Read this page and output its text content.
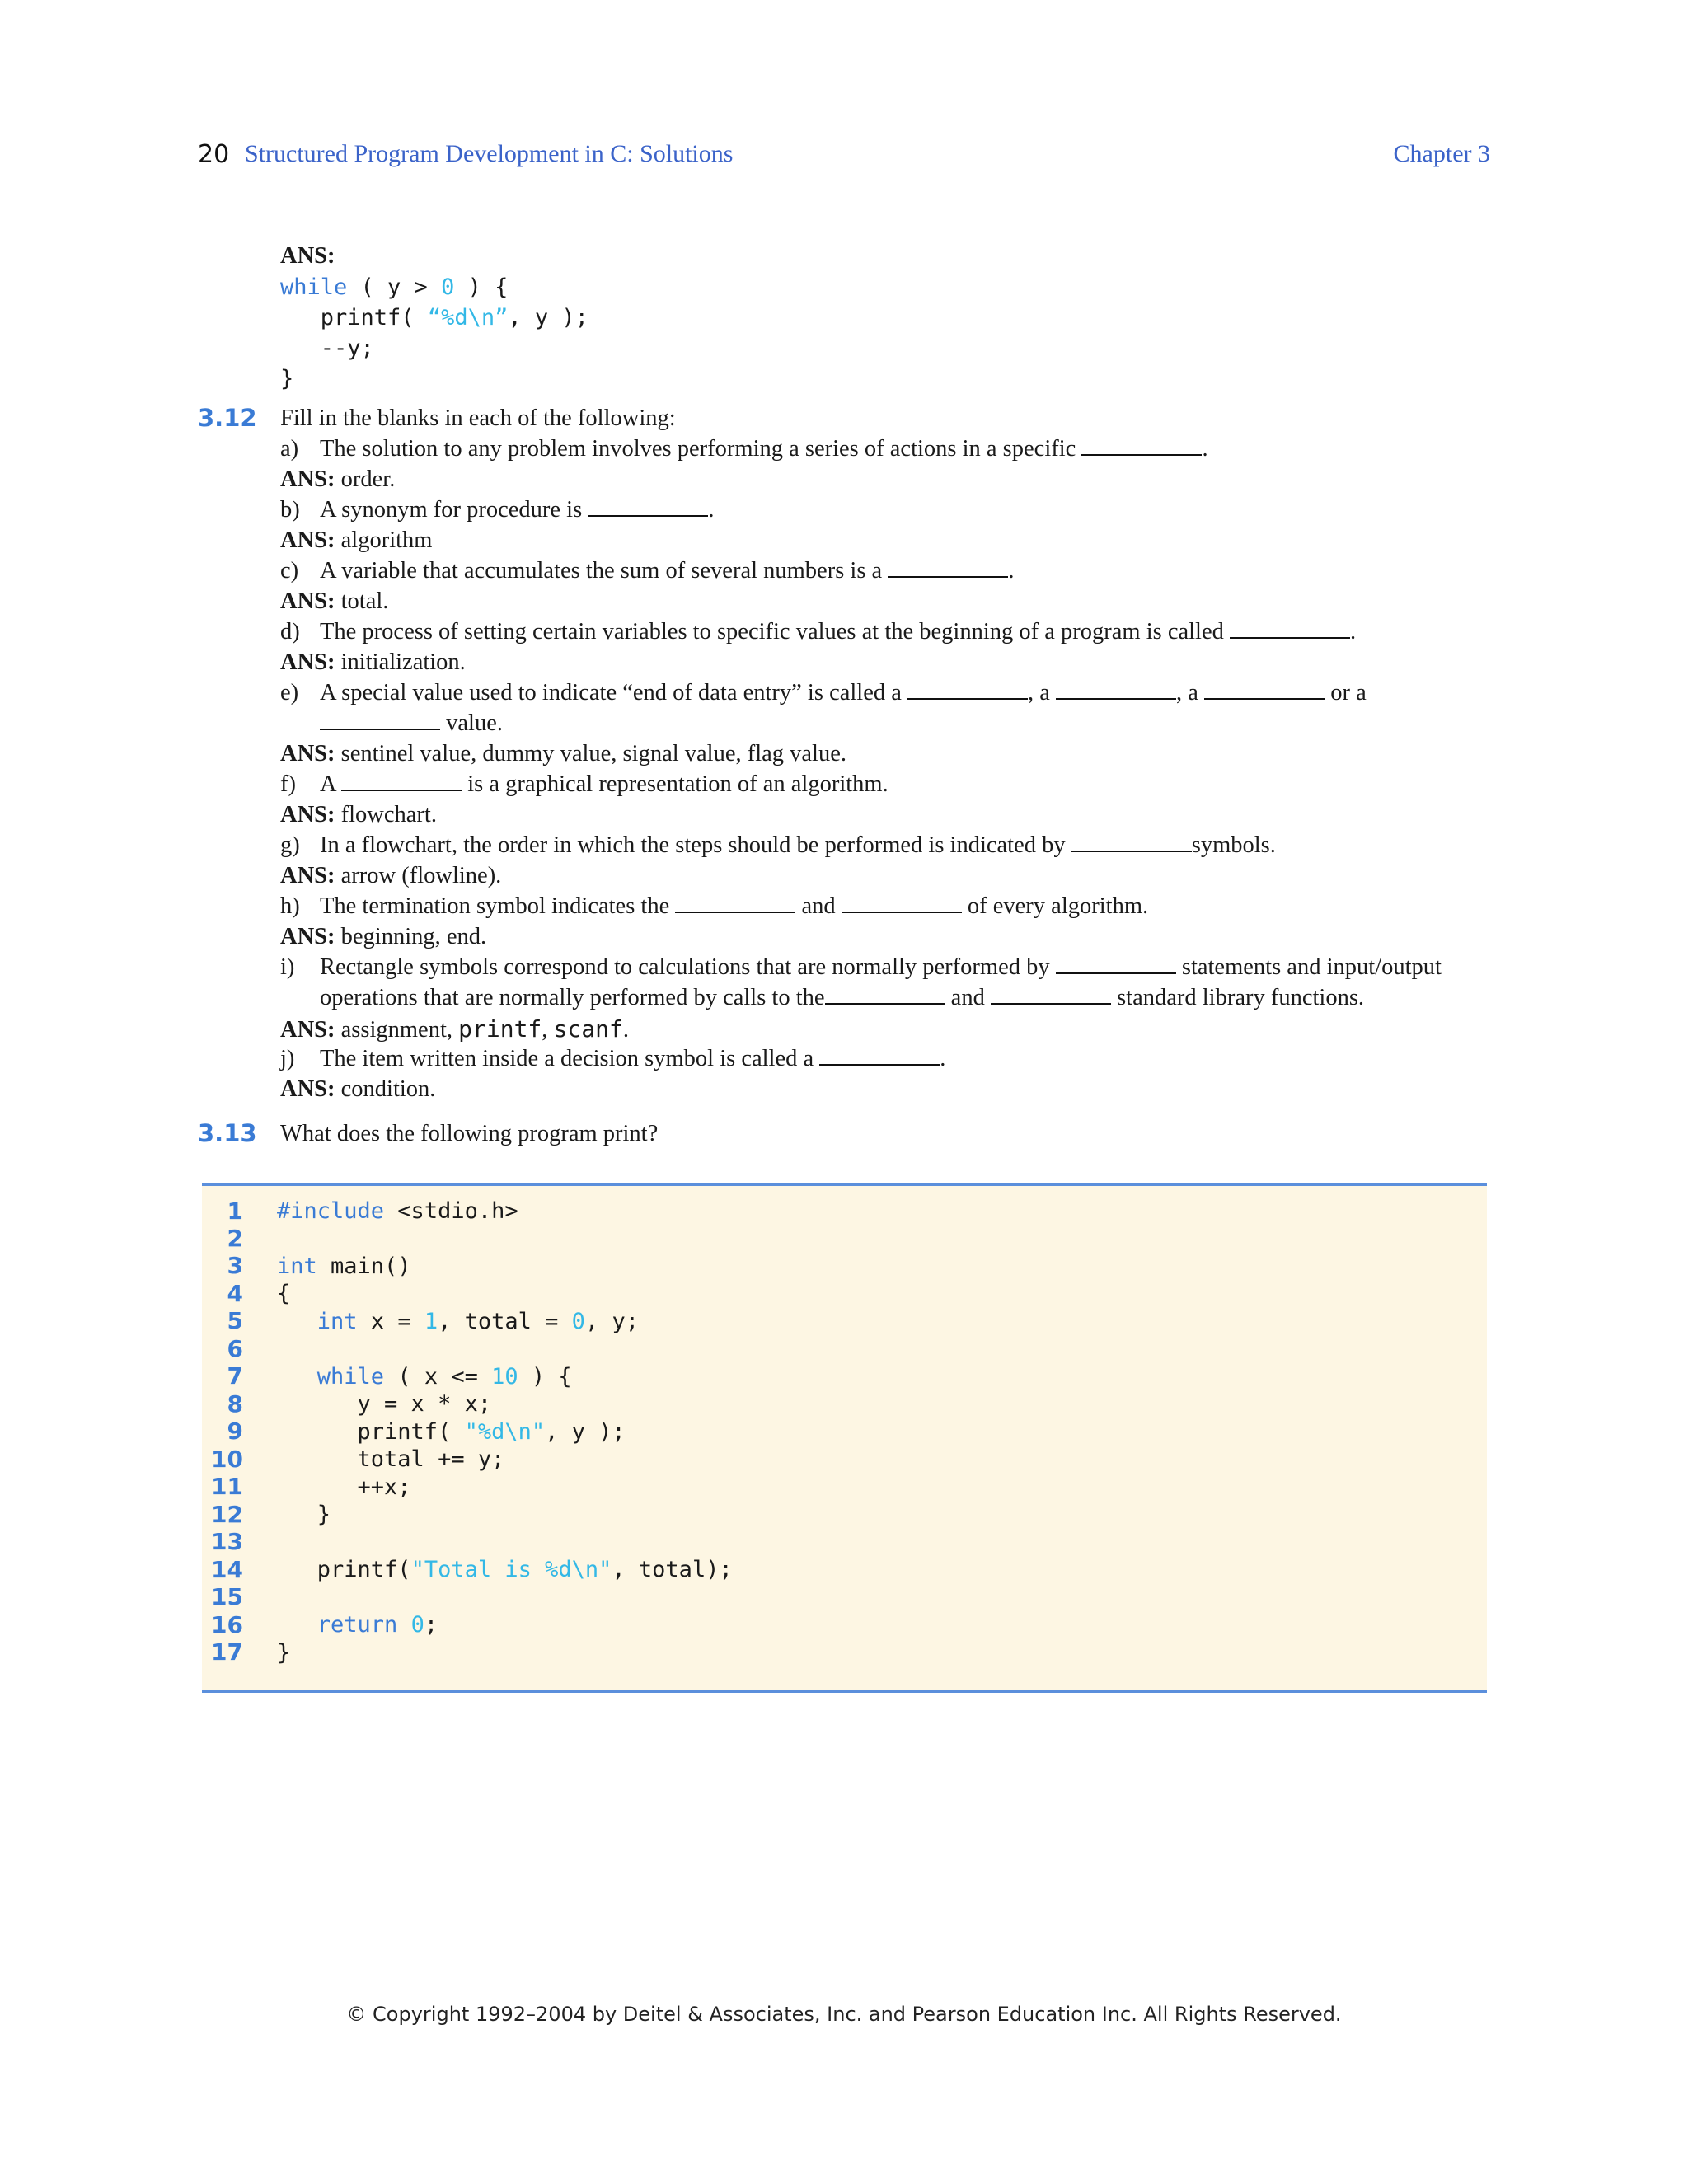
20 Structured Program Development in C: Solutions	Chapter 3
ANS:
while ( y > 0 ) {
printf( “%d\n”, y );
--y;
}
3.12 Fill in the blanks in each of the following:
a) The solution to any problem involves performing a series of actions in a specific	.
ANS: order.
b) A synonym for procedure is	.
ANS: algorithm
c) A variable that accumulates the sum of several numbers is a	.
ANS: total.
d) The process of setting certain variables to specific values at the beginning of a program is called	.
ANS: initialization.
e) A special value used to indicate “end of data entry” is called a	, a	, a	or a
value.
ANS: sentinel value, dummy value, signal value, flag value.
f) A	is a graphical representation of an algorithm.
ANS: flowchart.
g) In a flowchart, the order in which the steps should be performed is indicated by	symbols.
ANS: arrow (flowline).
h) The termination symbol indicates the	and	of every algorithm.
ANS: beginning, end.
i) Rectangle symbols correspond to calculations that are normally performed by	statements and input/output
operations that are normally performed by calls to the	and	standard library functions.
ANS: assignment, printf, scanf.
j) The item written inside a decision symbol is called a	.
ANS: condition.
3.13 What does the following program print?
1
2
3
4
5
6
7
8
9
10
11
12
13
14
15
16
17
#include <stdio.h>
int main()
{
int x = 1, total = 0, y;
while ( x <= 10 ) {
y = x * x;
printf( "%d\n", y );
total += y;
++x;
}
printf("Total is %d\n", total);
return 0;
}
© Copyright 1992–2004 by Deitel & Associates, Inc. and Pearson Education Inc. All Rights Reserved.
